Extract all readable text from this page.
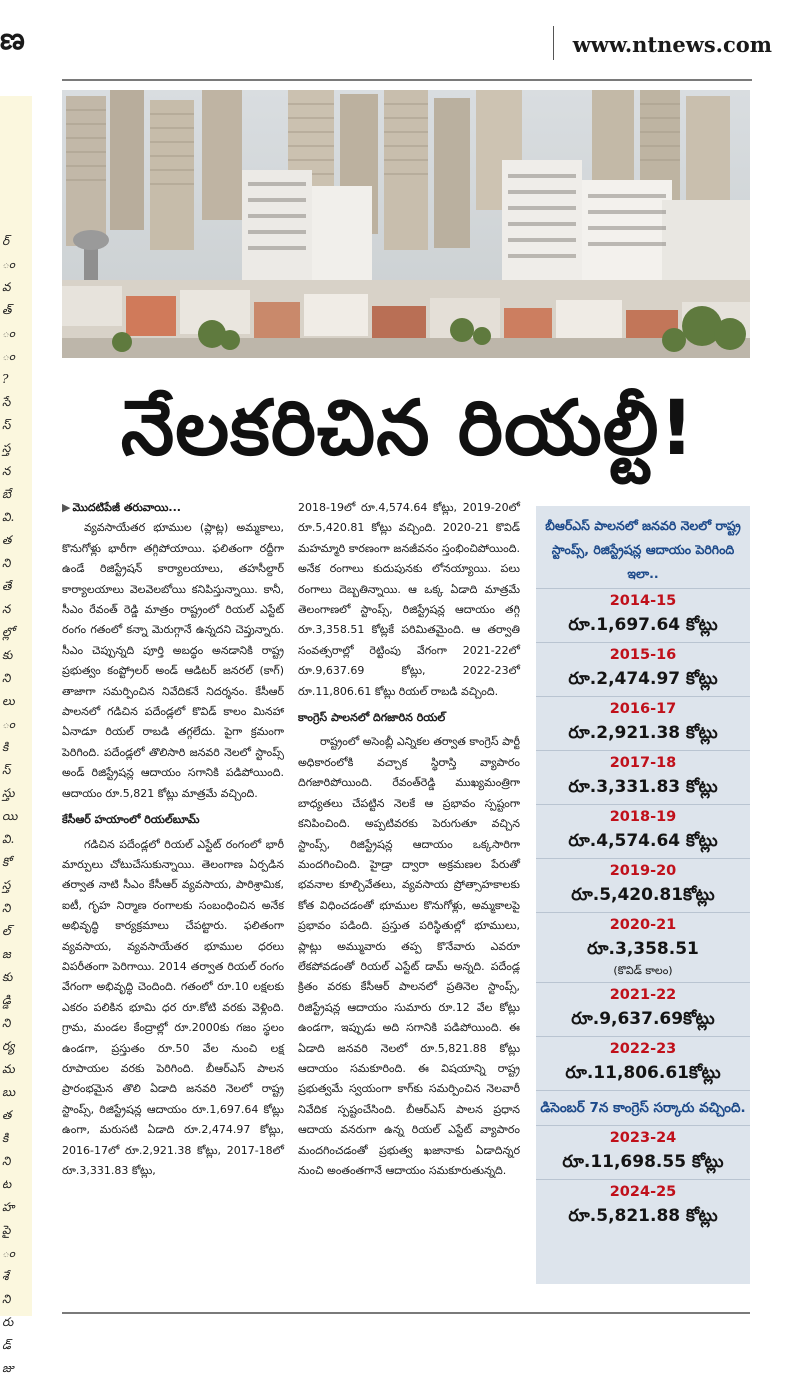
ణ	www.ntnews.com
ర్
ం
వ
త్
ం
ం
?
సే
స్
స్త
న
బే
వి.
త
ని
తే
న
ల్లో
కు
ని
లు
ం
కి
స్
స్తు
యి
వి.
కో
స్త
ని
ల్
జ
కు
డ్డి
ని
ర్య
మ
బు
త
కి
ని
ట
హ
పై
ం
శే
ని
రు
డ్
జు
నేలకరిచిన రియల్టీ!

▶ మొదటిపేజీ తరువాయి...

వ్యవసాయేతర భూముల (ప్లాట్ల) అమ్మకాలు, కొనుగోళ్లు భారీగా తగ్గిపోయాయి. ఫలితంగా రద్దీగా ఉండే రిజిస్ట్రేషన్ కార్యాలయాలు, తహసీల్దార్ కార్యాలయాలు వెలవెలబోయి కనిపిస్తున్నాయి. కానీ, సీఎం రేవంత్ రెడ్డి మాత్రం రాష్ట్రంలో రియల్ ఎస్టేట్ రంగం గతంలో కన్నా మెరుగ్గానే ఉన్నదని చెప్తున్నారు. సీఎం చెప్పున్నది పూర్తి అబద్ధం అనడానికి రాష్ట్ర ప్రభుత్వం కంప్ట్రోలర్ అండ్ ఆడిటర్ జనరల్ (కాగ్) తాజాగా సమర్పించిన నివేదికనే నిదర్శనం. కేసీఆర్ పాలనలో గడిచిన పదేండ్లలో కొవిడ్ కాలం మినహా ఏనాడూ రియల్ రాబడి తగ్గలేదు. పైగా క్రమంగా పెరిగింది. పదేండ్లలో తొలిసారి జనవరి నెలలో స్టాంప్స్ అండ్ రిజిస్ట్రేషన్ల ఆదాయం సగానికి పడిపోయింది. ఆదాయం రూ.5,821 కోట్లు మాత్రమే వచ్చింది.

కేసీఆర్ హయాంలో రియల్‌బూమ్

గడిచిన పదేండ్లలో రియల్ ఎస్టేట్ రంగంలో భారీ మార్పులు చోటుచేసుకున్నాయి. తెలంగాణ ఏర్పడిన తర్వాత నాటి సీఎం కేసీఆర్ వ్యవసాయ, పారిశ్రామిక, ఐటీ, గృహ నిర్మాణ రంగాలకు సంబంధించిన అనేక అభివృద్ధి కార్యక్రమాలు చేపట్టారు. ఫలితంగా వ్యవసాయ, వ్యవసాయేతర భూముల ధరలు విపరీతంగా పెరిగాయి. 2014 తర్వాత రియల్ రంగం వేగంగా అభివృద్ధి చెందింది. గతంలో రూ.10 లక్షలకు ఎకరం పలికిన భూమి ధర రూ.కోటి వరకు వెళ్లింది. గ్రామ, మండల కేంద్రాల్లో రూ.2000కు గజం స్థలం ఉండగా, ప్రస్తుతం రూ.50 వేల నుంచి లక్ష రూపాయల వరకు పెరిగింది. బీఆర్ఎస్ పాలన ప్రారంభమైన తొలి ఏడాది జనవరి నెలలో రాష్ట్ర స్టాంప్స్, రిజిస్ట్రేషన్ల ఆదాయం రూ.1,697.64 కోట్లు ఉంగా, మరుసటి ఏడాది రూ.2,474.97 కోట్లు, 2016-17లో రూ.2,921.38 కోట్లు, 2017-18లో రూ.3,331.83 కోట్లు,

2018-19లో రూ.4,574.64 కోట్లు, 2019-20లో రూ.5,420.81 కోట్లు వచ్చింది. 2020-21 కొవిడ్ మహమ్మారి కారణంగా జనజీవనం స్తంభించిపోయింది. అనేక రంగాలు కుదుపునకు లోనయ్యాయి. పలు రంగాలు దెబ్బతిన్నాయి. ఆ ఒక్క ఏడాది మాత్రమే తెలంగాణలో స్టాంప్స్, రిజిస్ట్రేషన్ల ఆదాయం తగ్గి రూ.3,358.51 కోట్లకే పరిమితమైంది. ఆ తర్వాతి సంవత్సరాల్లో రెట్టింపు వేగంగా 2021-22లో రూ.9,637.69 కోట్లు, 2022-23లో రూ.11,806.61 కోట్లు రియల్ రాబడి వచ్చింది.

కాంగ్రెస్ పాలనలో దిగజారిన రియల్

రాష్ట్రంలో అసెంబ్లీ ఎన్నికల తర్వాత కాంగ్రెస్ పార్టీ అధికారంలోకి వచ్చాక స్థిరాస్తి వ్యాపారం దిగజారిపోయింది. రేవంత్‌రెడ్డి ముఖ్యమంత్రిగా బాధ్యతలు చేపట్టిన నెలకే ఆ ప్రభావం స్పష్టంగా కనిపించింది. అప్పటివరకు పెరుగుతూ వచ్చిన స్టాంప్స్, రిజిస్ట్రేషన్ల ఆదాయం ఒక్కసారిగా మందగించింది. హైడ్రా ద్వారా అక్రమణల పేరుతో భవనాల కూల్చివేతలు, వ్యవసాయ ప్రోత్సాహకాలకు కోత విధించడంతో భూముల కొనుగోళ్లు, అమ్మకాలపై ప్రభావం పడింది. ప్రస్తుత పరిస్థితుల్లో భూములు, ప్లాట్లు అమ్మువారు తప్ప కొనేవారు ఎవరూ లేకపోవడంతో రియల్ ఎస్టేట్ డామ్ అన్నది. పదేండ్ల క్రితం వరకు కేసీఆర్ పాలనలో ప్రతినెల స్టాంప్స్, రిజిస్ట్రేషన్ల ఆదాయం సుమారు రూ.12 వేల కోట్లు ఉండగా, ఇప్పుడు అది సగానికి పడిపోయింది. ఈ ఏడాది జనవరి నెలలో రూ.5,821.88 కోట్లు ఆదాయం సమకూరింది. ఈ విషయాన్ని రాష్ట్ర ప్రభుత్వమే స్వయంగా కాగ్‌కు సమర్పించిన నెలవారీ నివేదిక స్పష్టంచేసింది. బీఆర్ఎస్ పాలన ప్రధాన ఆదాయ వనరుగా ఉన్న రియల్ ఎస్టేట్ వ్యాపారం మందగించడంతో ప్రభుత్వ ఖజానాకు ఏడాదిన్నర నుంచి అంతంతగానే ఆదాయం సమకూరుతున్నది.

బీఆర్ఎస్ పాలనలో జనవరి నెలలో రాష్ట్ర స్టాంప్స్, రిజిస్ట్రేషన్ల ఆదాయం పెరిగింది ఇలా..
2014-15
రూ.1,697.64 కోట్లు
2015-16
రూ.2,474.97 కోట్లు
2016-17
రూ.2,921.38 కోట్లు
2017-18
రూ.3,331.83 కోట్లు
2018-19
రూ.4,574.64 కోట్లు
2019-20
రూ.5,420.81కోట్లు
2020-21
రూ.3,358.51
(కొవిడ్ కాలం)
2021-22
రూ.9,637.69కోట్లు
2022-23
రూ.11,806.61కోట్లు
డిసెంబర్ 7న కాంగ్రెస్ సర్కారు వచ్చింది.
2023-24
రూ.11,698.55 కోట్లు
2024-25
రూ.5,821.88 కోట్లు
